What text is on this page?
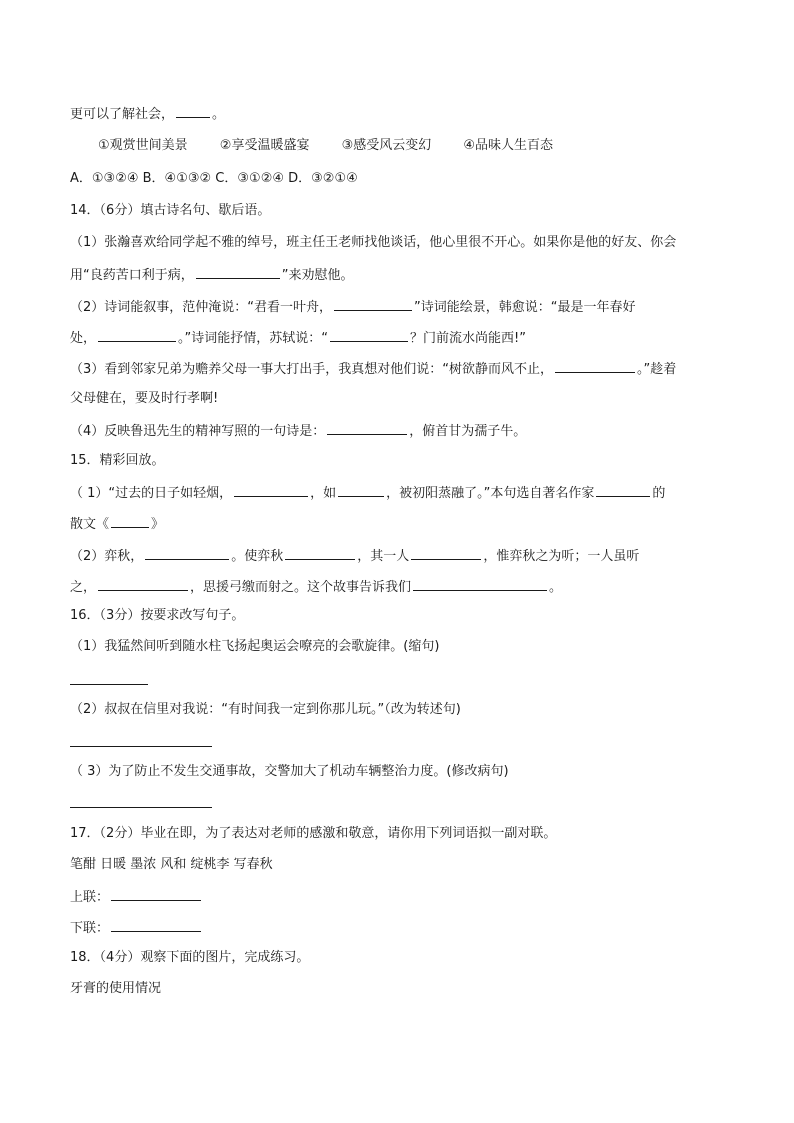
更可以了解社会，	。
①观赏世间美景 ②享受温暖盛宴 ③感受风云变幻 ④品味人生百态
A．①③②④ B．④①③② C．③①②④ D．③②①④
14．（6分）填古诗名句、歇后语。
（1）张瀚喜欢给同学起不雅的绰号，班主任王老师找他谈话，他心里很不开心。如果你是他的好友、你会
用“良药苦口利于病，	”来劝慰他。
（2）诗词能叙事，范仲淹说：“君看一叶舟，	”诗词能绘景，韩愈说：“最是一年春好
处，	。”诗词能抒情，苏轼说：“	？门前流水尚能西!”
（3）看到邻家兄弟为赡养父母一事大打出手，我真想对他们说：“树欲静而风不止，	。”趁着
父母健在，要及时行孝啊!
（4）反映鲁迅先生的精神写照的一句诗是：	，俯首甘为孺子牛。
15．精彩回放。
（ 1）“过去的日子如轻烟，	，如	，被初阳蒸融了。”本句选自著名作家	的
散文《	》
（2）弈秋，	。使弈秋	，其一人	，惟弈秋之为听；一人虽听
之，	，思援弓缴而射之。这个故事告诉我们	。
16．（3分）按要求改写句子。
（1）我猛然间听到随水柱飞扬起奥运会嘹亮的会歌旋律。(缩句)
（2）叔叔在信里对我说：“有时间我一定到你那儿玩。”（改为转述句)
（ 3）为了防止不发生交通事故，交警加大了机动车辆整治力度。(修改病句)
17．（2分）毕业在即，为了表达对老师的感激和敬意，请你用下列词语拟一副对联。
笔酣 日暖 墨浓 风和 绽桃李 写春秋
上联：
下联：
18．（4分）观察下面的图片，完成练习。
牙膏的使用情况
